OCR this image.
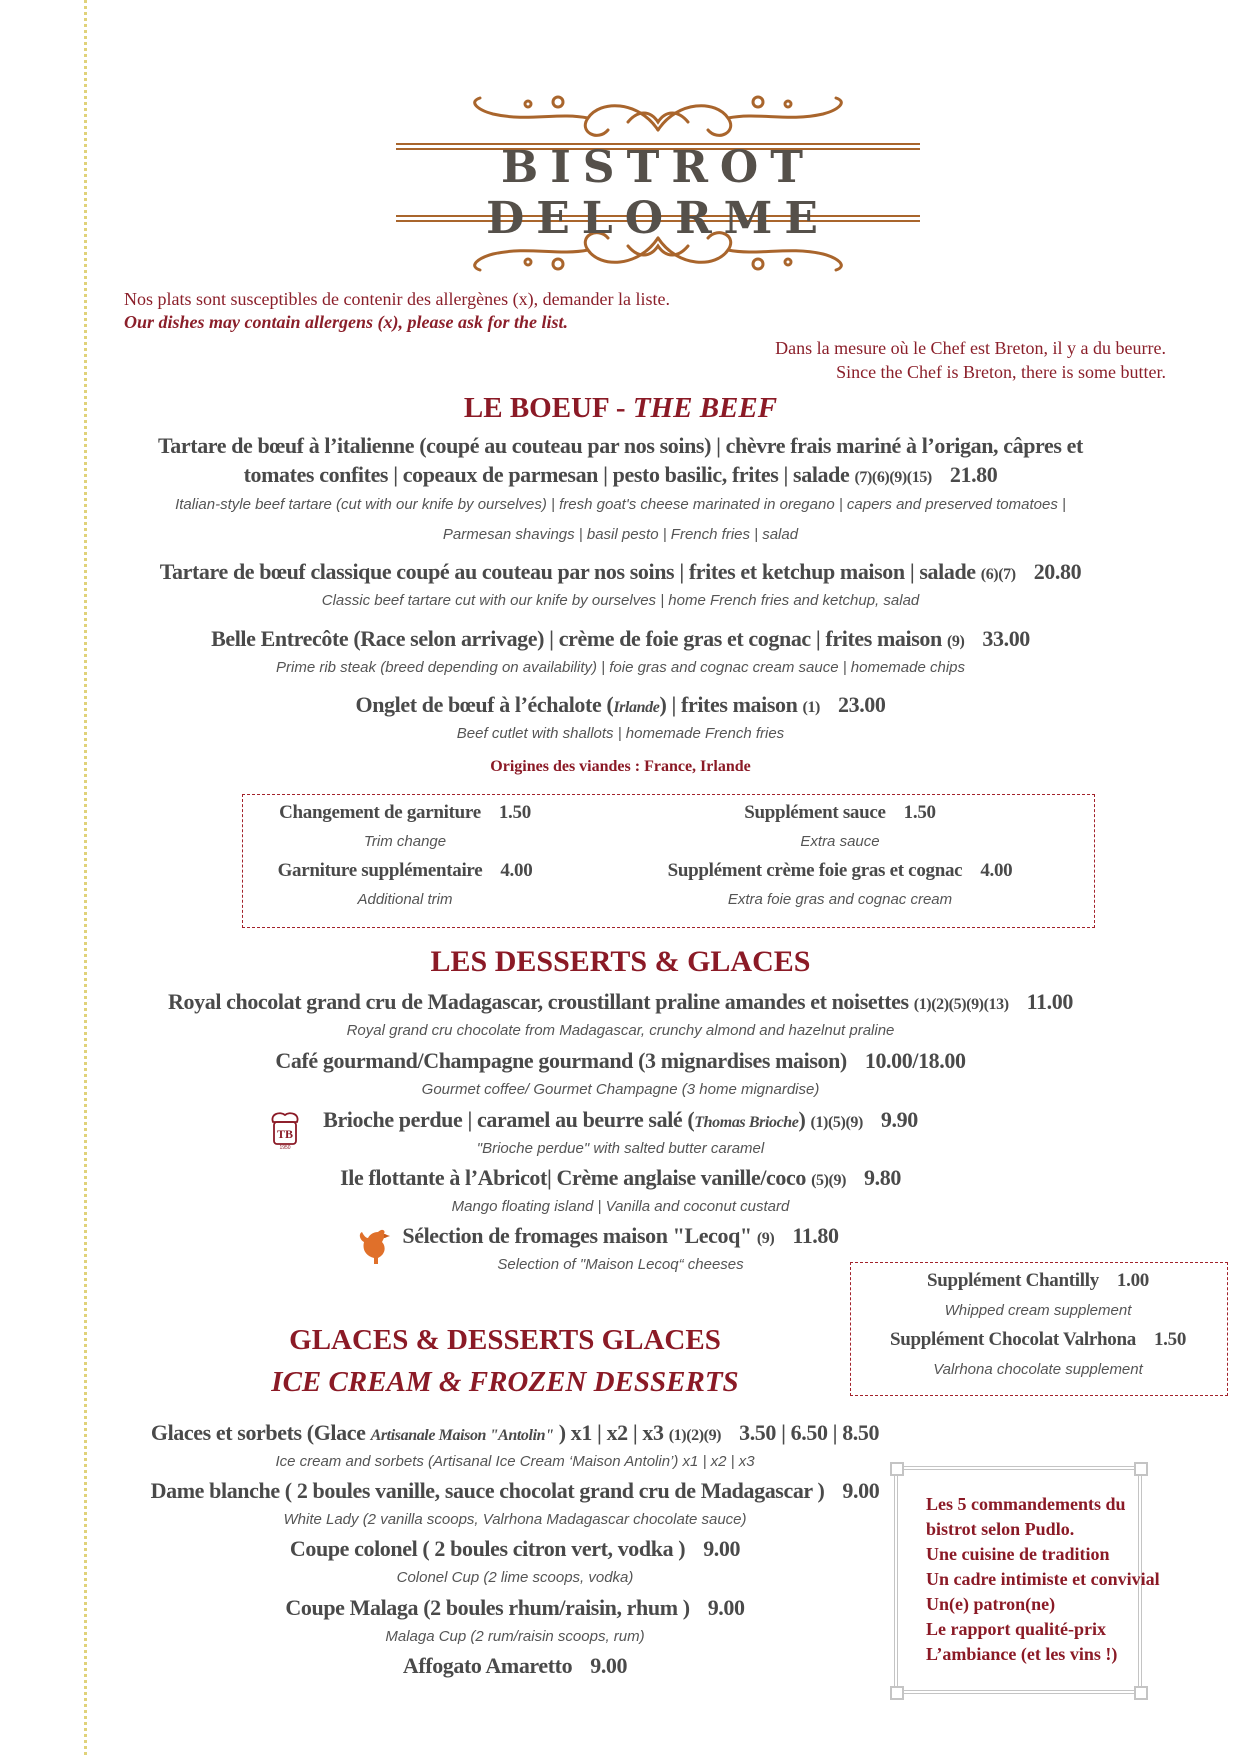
BISTROT DELORME
Nos plats sont susceptibles de contenir des allergènes (x), demander la liste.
Our dishes may contain allergens (x), please ask for the list.
Dans la mesure où le Chef est Breton, il y a du beurre.
Since the Chef is Breton, there is some butter.
LE BOEUF - THE BEEF
Tartare de bœuf à l’italienne (coupé au couteau par nos soins) | chèvre frais mariné à l’origan, câpres et
tomates confites | copeaux de parmesan | pesto basilic, frites | salade (7)(6)(9)(15) 21.80
Italian-style beef tartare (cut with our knife by ourselves) | fresh goat's cheese marinated in oregano | capers and preserved tomatoes |
Parmesan shavings | basil pesto | French fries | salad
Tartare de bœuf classique coupé au couteau par nos soins | frites et ketchup maison | salade (6)(7) 20.80
Classic beef tartare cut with our knife by ourselves | home French fries and ketchup, salad
Belle Entrecôte (Race selon arrivage) | crème de foie gras et cognac | frites maison (9) 33.00
Prime rib steak (breed depending on availability) | foie gras and cognac cream sauce | homemade chips
Onglet de bœuf à l’échalote (Irlande) | frites maison (1) 23.00
Beef cutlet with shallots | homemade French fries
Origines des viandes : France, Irlande
Changement de garniture 1.50
Trim change
Supplément sauce 1.50
Extra sauce
Garniture supplémentaire 4.00
Additional trim
Supplément crème foie gras et cognac 4.00
Extra foie gras and cognac cream
LES DESSERTS & GLACES
Royal chocolat grand cru de Madagascar, croustillant praline amandes et noisettes (1)(2)(5)(9)(13) 11.00
Royal grand cru chocolate from Madagascar, crunchy almond and hazelnut praline
Café gourmand/Champagne gourmand (3 mignardises maison) 10.00/18.00
Gourmet coffee/ Gourmet Champagne (3 home mignardise)
TB
1950
Brioche perdue | caramel au beurre salé (Thomas Brioche) (1)(5)(9) 9.90
"Brioche perdue" with salted butter caramel
Ile flottante à l’Abricot| Crème anglaise vanille/coco (5)(9) 9.80
Mango floating island | Vanilla and coconut custard
Sélection de fromages maison "Lecoq" (9) 11.80
Selection of "Maison Lecoq“ cheeses
Supplément Chantilly 1.00
Whipped cream supplement
Supplément Chocolat Valrhona 1.50
Valrhona chocolate supplement
GLACES & DESSERTS GLACES
ICE CREAM & FROZEN DESSERTS
Glaces et sorbets (Glace Artisanale Maison "Antolin" ) x1 | x2 | x3 (1)(2)(9) 3.50 | 6.50 | 8.50
Ice cream and sorbets (Artisanal Ice Cream ‘Maison Antolin’) x1 | x2 | x3
Dame blanche ( 2 boules vanille, sauce chocolat grand cru de Madagascar ) 9.00
White Lady (2 vanilla scoops, Valrhona Madagascar chocolate sauce)
Coupe colonel ( 2 boules citron vert, vodka ) 9.00
Colonel Cup (2 lime scoops, vodka)
Coupe Malaga (2 boules rhum/raisin, rhum ) 9.00
Malaga Cup (2 rum/raisin scoops, rum)
Affogato Amaretto 9.00
Les 5 commandements du
bistrot selon Pudlo.
Une cuisine de tradition
Un cadre intimiste et convivial
Un(e) patron(ne)
Le rapport qualité-prix
L’ambiance (et les vins !)
